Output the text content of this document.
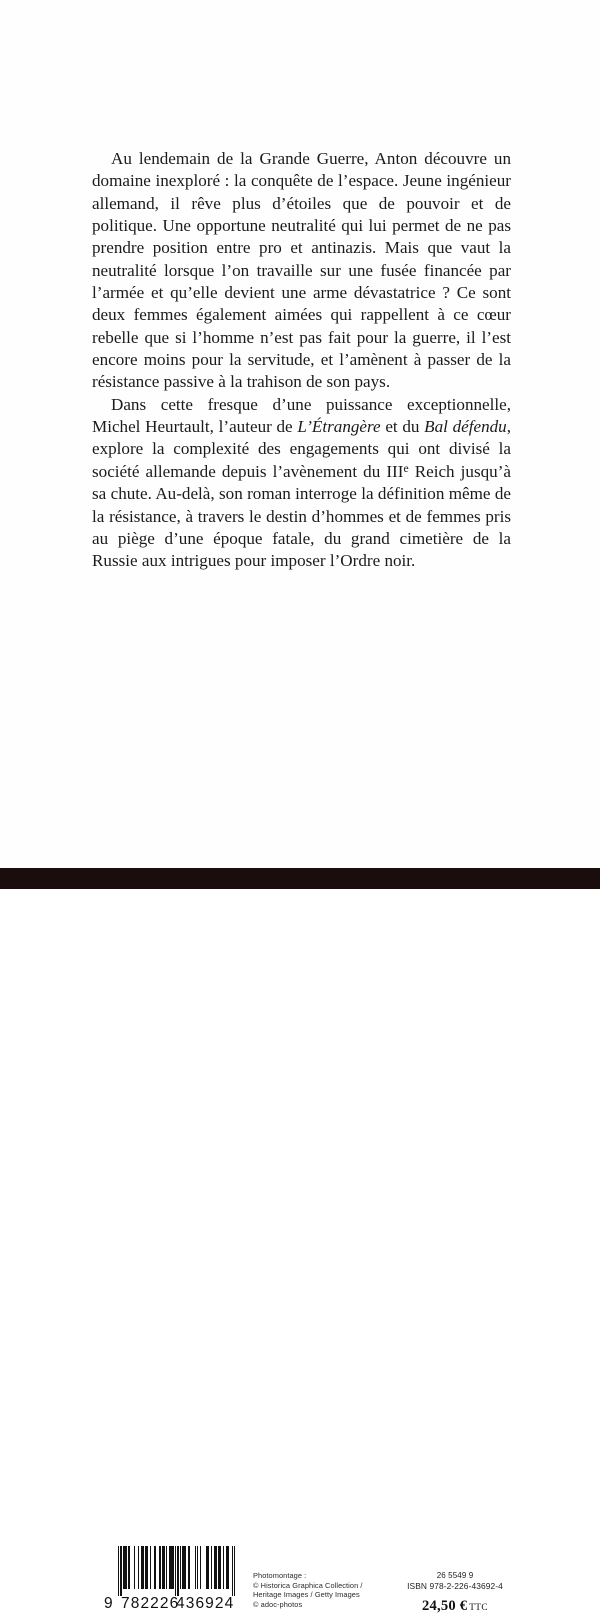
Au lendemain de la Grande Guerre, Anton découvre un domaine inexploré : la conquête de l’espace. Jeune ingénieur allemand, il rêve plus d’étoiles que de pouvoir et de politique. Une opportune neutralité qui lui permet de ne pas prendre position entre pro et antinazis. Mais que vaut la neutralité lorsque l’on travaille sur une fusée financée par l’armée et qu’elle devient une arme dévastatrice ? Ce sont deux femmes également aimées qui rappellent à ce cœur rebelle que si l’homme n’est pas fait pour la guerre, il l’est encore moins pour la servitude, et l’amènent à passer de la résistance passive à la trahison de son pays.

Dans cette fresque d’une puissance exceptionnelle, Michel Heurtault, l’auteur de L’Étrangère et du Bal défendu, explore la complexité des engagements qui ont divisé la société allemande depuis l’avènement du IIIe Reich jusqu’à sa chute. Au-delà, son roman interroge la définition même de la résistance, à travers le destin d’hommes et de femmes pris au piège d’une époque fatale, du grand cimetière de la Russie aux intrigues pour imposer l’Ordre noir.

9 782226
436924
Photomontage :
© Historica Graphica Collection /
Heritage Images / Getty Images
© adoc-photos
26 5549 9
ISBN 978-2-226-43692-4
24,50 € TTC
